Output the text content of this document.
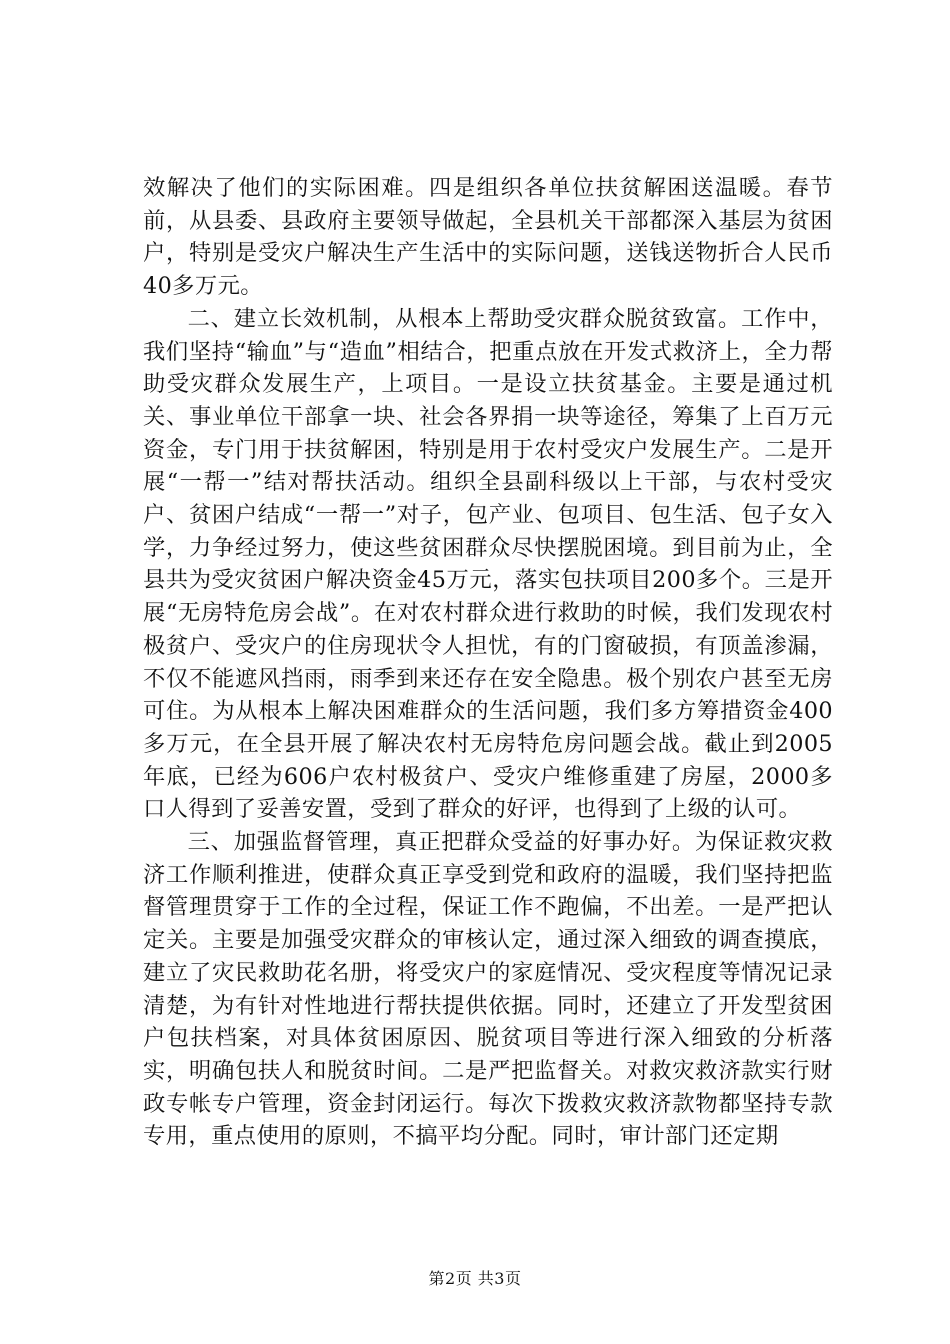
效解决了他们的实际困难。四是组织各单位扶贫解困送温暖。春节前，从县委、县政府主要领导做起，全县机关干部都深入基层为贫困户，特别是受灾户解决生产生活中的实际问题，送钱送物折合人民币40多万元。

二、建立长效机制，从根本上帮助受灾群众脱贫致富。工作中，我们坚持“输血”与“造血”相结合，把重点放在开发式救济上，全力帮助受灾群众发展生产，上项目。一是设立扶贫基金。主要是通过机关、事业单位干部拿一块、社会各界捐一块等途径，筹集了上百万元资金，专门用于扶贫解困，特别是用于农村受灾户发展生产。二是开展“一帮一”结对帮扶活动。组织全县副科级以上干部，与农村受灾户、贫困户结成“一帮一”对子，包产业、包项目、包生活、包子女入学，力争经过努力，使这些贫困群众尽快摆脱困境。到目前为止，全县共为受灾贫困户解决资金45万元，落实包扶项目200多个。三是开展“无房特危房会战”。在对农村群众进行救助的时候，我们发现农村极贫户、受灾户的住房现状令人担忧，有的门窗破损，有顶盖渗漏，不仅不能遮风挡雨，雨季到来还存在安全隐患。极个别农户甚至无房可住。为从根本上解决困难群众的生活问题，我们多方筹措资金400多万元，在全县开展了解决农村无房特危房问题会战。截止到2005年底，已经为606户农村极贫户、受灾户维修重建了房屋，2000多口人得到了妥善安置，受到了群众的好评，也得到了上级的认可。

三、加强监督管理，真正把群众受益的好事办好。为保证救灾救济工作顺利推进，使群众真正享受到党和政府的温暖，我们坚持把监督管理贯穿于工作的全过程，保证工作不跑偏，不出差。一是严把认定关。主要是加强受灾群众的审核认定，通过深入细致的调查摸底，建立了灾民救助花名册，将受灾户的家庭情况、受灾程度等情况记录清楚，为有针对性地进行帮扶提供依据。同时，还建立了开发型贫困户包扶档案，对具体贫困原因、脱贫项目等进行深入细致的分析落实，明确包扶人和脱贫时间。二是严把监督关。对救灾救济款实行财政专帐专户管理，资金封闭运行。每次下拨救灾救济款物都坚持专款专用，重点使用的原则，不搞平均分配。同时，审计部门还定期

第2页 共3页
